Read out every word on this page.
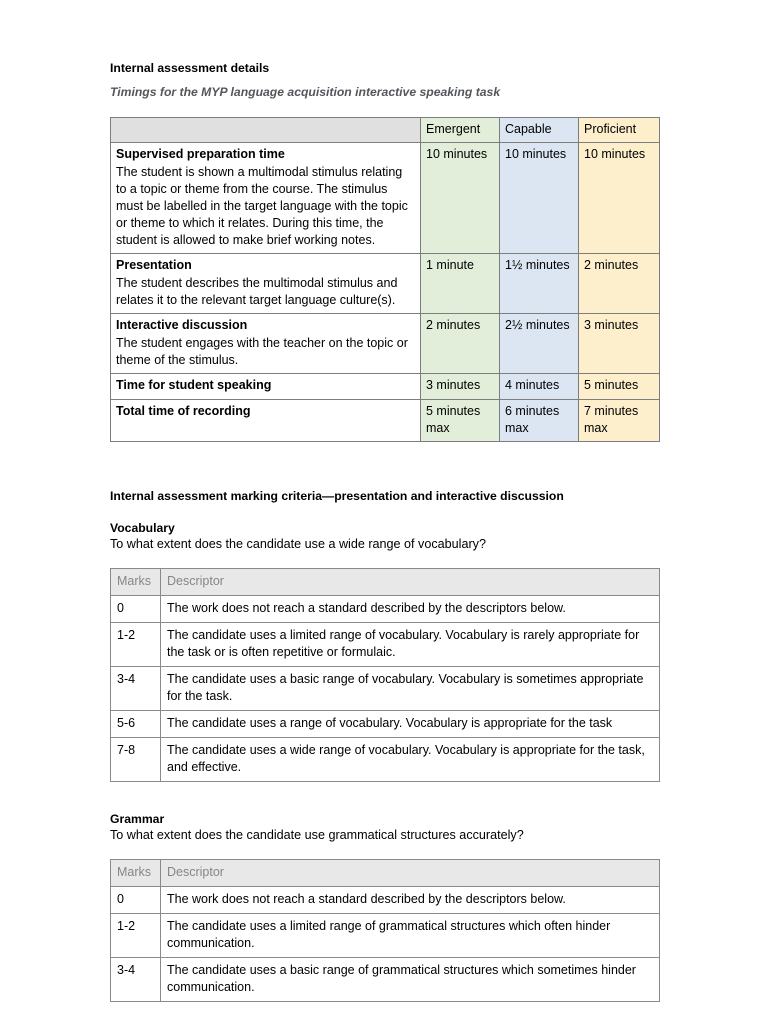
Internal assessment details
Timings for the MYP language acquisition interactive speaking task
	Emergent	Capable	Proficient

Supervised preparation time
The student is shown a multimodal stimulus relating to a topic or theme from the course. The stimulus must be labelled in the target language with the topic or theme to which it relates. During this time, the student is allowed to make brief working notes.	10 minutes	10 minutes	10 minutes

Presentation
The student describes the multimodal stimulus and relates it to the relevant target language culture(s).	1 minute	1½ minutes	2 minutes

Interactive discussion
The student engages with the teacher on the topic or theme of the stimulus.	2 minutes	2½ minutes	3 minutes

Time for student speaking	3 minutes	4 minutes	5 minutes

Total time of recording	5 minutes max	6 minutes max	7 minutes max
Internal assessment marking criteria—presentation and interactive discussion
Vocabulary

To what extent does the candidate use a wide range of vocabulary?

Marks	Descriptor
0	The work does not reach a standard described by the descriptors below.
1-2	The candidate uses a limited range of vocabulary. Vocabulary is rarely appropriate for the task or is often repetitive or formulaic.
3-4	The candidate uses a basic range of vocabulary. Vocabulary is sometimes appropriate for the task.
5-6	The candidate uses a range of vocabulary. Vocabulary is appropriate for the task
7-8	The candidate uses a wide range of vocabulary. Vocabulary is appropriate for the task, and effective.
Grammar

To what extent does the candidate use grammatical structures accurately?

Marks	Descriptor
0	The work does not reach a standard described by the descriptors below.
1-2	The candidate uses a limited range of grammatical structures which often hinder communication.
3-4	The candidate uses a basic range of grammatical structures which sometimes hinder communication.
